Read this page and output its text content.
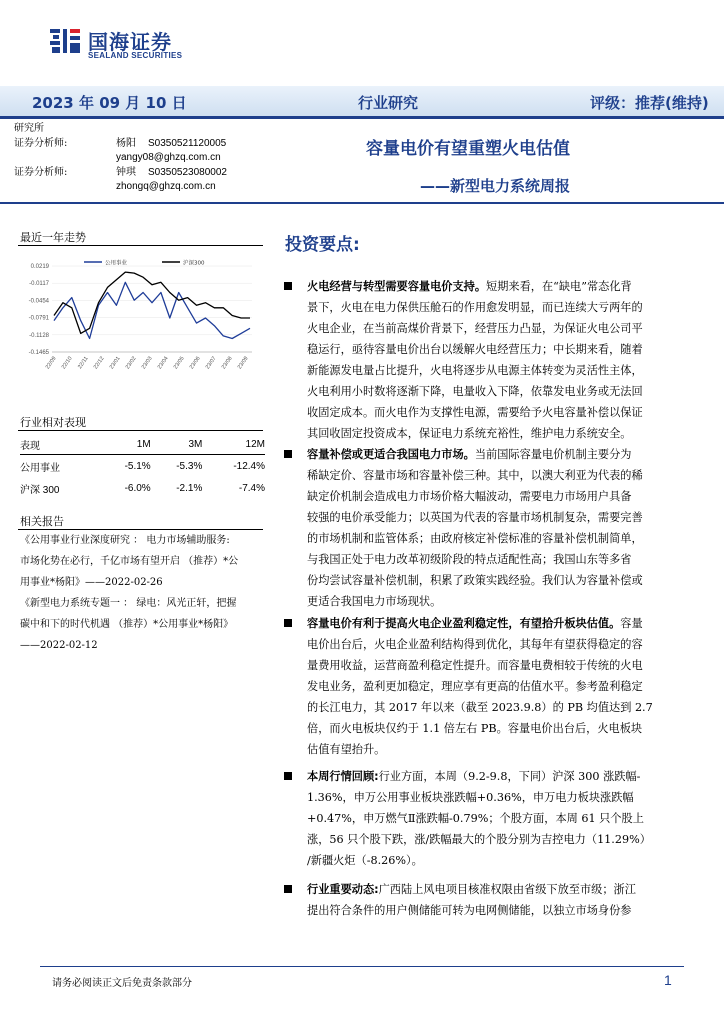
国海证券
SEALAND SECURITIES
2023 年 09 月 10 日	行业研究	评级：推荐(维持)
研究所
证券分析师:	杨阳 S0350521120005
yangy08@ghzq.com.cn
证券分析师:	钟琪 S0350523080002
zhongq@ghzq.com.cn
容量电价有望重塑火电估值
——新型电力系统周报
最近一年走势
公用事业	沪深300
0.0219
-0.0117
-0.0454
-0.0791
-0.1128
-0.1465
22/09 22/10 22/11 22/12 23/01 23/02 23/03 23/04 23/05 23/06 23/07 23/08 23/09
行业相对表现
表现	1M	3M	12M
公用事业	-5.1%	-5.3%	-12.4%
沪深 300	-6.0%	-2.1%	-7.4%
相关报告
《公用事业行业深度研究 ： 电力市场辅助服务:
市场化势在必行，千亿市场有望开启 （推荐）*公
用事业*杨阳》——2022-02-26
《新型电力系统专题一 ： 绿电：风光正轩，把握
碳中和下的时代机遇 （推荐）*公用事业*杨阳》
——2022-02-12
投资要点:
火电经营与转型需要容量电价支持。短期来看，在“缺电”常态化背
景下，火电在电力保供压舱石的作用愈发明显，而已连续大亏两年的
火电企业，在当前高煤价背景下，经营压力凸显，为保证火电公司平
稳运行，亟待容量电价出台以缓解火电经营压力；中长期来看，随着
新能源发电量占比提升，火电将逐步从电源主体转变为灵活性主体，
火电利用小时数将逐渐下降，电量收入下降，依靠发电业务或无法回
收固定成本。而火电作为支撑性电源，需要给予火电容量补偿以保证
其回收固定投资成本，保证电力系统充裕性，维护电力系统安全。
容量补偿或更适合我国电力市场。当前国际容量电价机制主要分为
稀缺定价、容量市场和容量补偿三种。其中，以澳大利亚为代表的稀
缺定价机制会造成电力市场价格大幅波动，需要电力市场用户具备
较强的电价承受能力；以英国为代表的容量市场机制复杂，需要完善
的市场机制和监管体系；由政府核定补偿标准的容量补偿机制简单，
与我国正处于电力改革初级阶段的特点适配性高；我国山东等多省
份均尝试容量补偿机制，积累了政策实践经验。我们认为容量补偿或
更适合我国电力市场现状。
容量电价有利于提高火电企业盈利稳定性，有望拾升板块估值。容量
电价出台后，火电企业盈利结构得到优化，其每年有望获得稳定的容
量费用收益，运营商盈利稳定性提升。而容量电费相较于传统的火电
发电业务，盈利更加稳定，理应享有更高的估值水平。参考盈利稳定
的长江电力，其 2017 年以来（截至 2023.9.8）的 PB 均值达到 2.7
倍，而火电板块仅约于 1.1 倍左右 PB。容量电价出台后，火电板块
估值有望抬升。
本周行情回顾:行业方面，本周（9.2-9.8，下同）沪深 300 涨跌幅-
1.36%，申万公用事业板块涨跌幅+0.36%，申万电力板块涨跌幅
+0.47%，申万燃气Ⅱ涨跌幅-0.79%；个股方面，本周 61 只个股上
涨，56 只个股下跌，涨/跌幅最大的个股分别为吉控电力（11.29%）
/新疆火炬（-8.26%）。
行业重要动态:广西陆上风电项目核准权限由省级下放至市级；浙江
提出符合条件的用户侧储能可转为电网侧储能，以独立市场身份参
请务必阅读正文后免责条款部分	1
